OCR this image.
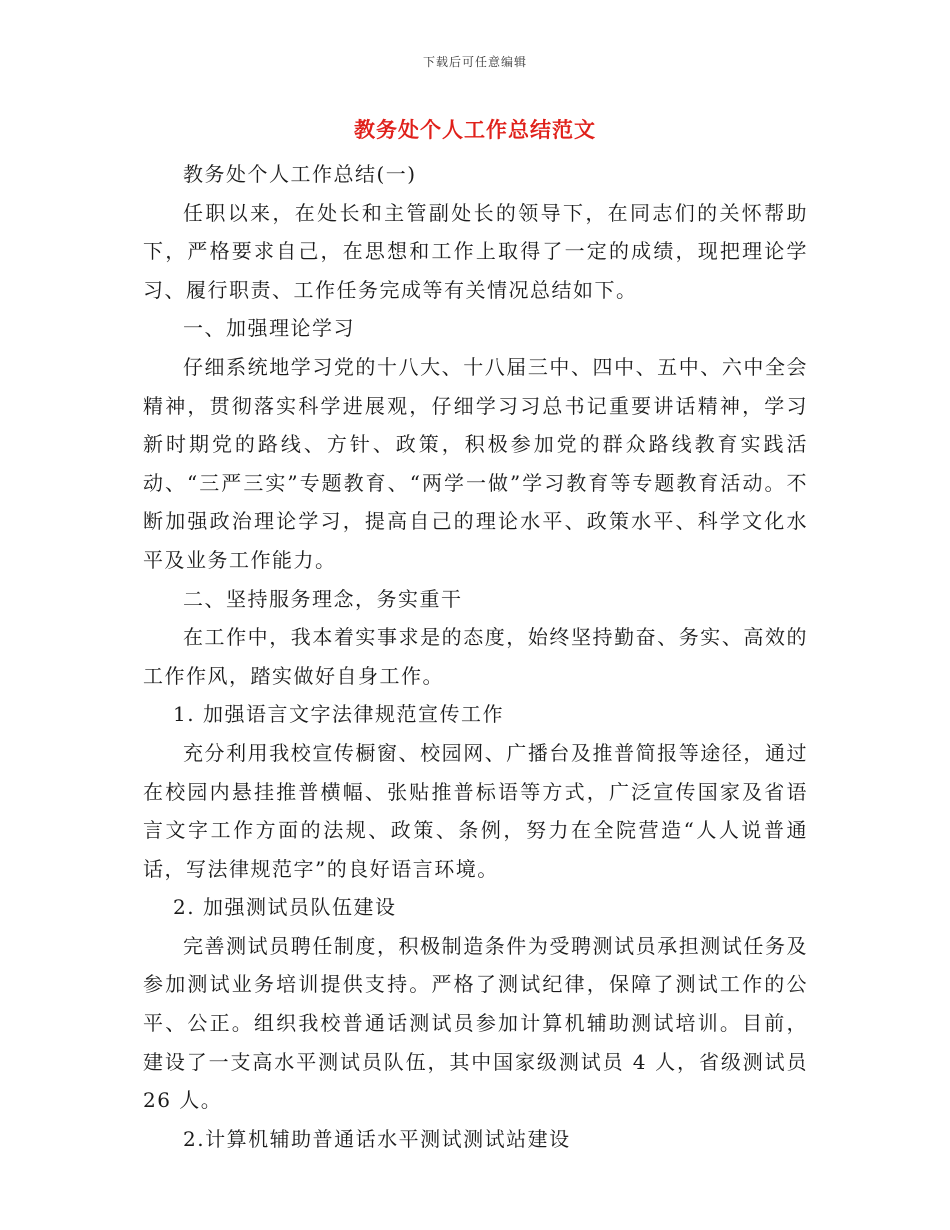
下载后可任意编辑
教务处个人工作总结范文

教务处个人工作总结(一)

任职以来，在处长和主管副处长的领导下，在同志们的关怀帮助下，严格要求自己，在思想和工作上取得了一定的成绩，现把理论学习、履行职责、工作任务完成等有关情况总结如下。

一、加强理论学习

仔细系统地学习党的十八大、十八届三中、四中、五中、六中全会精神，贯彻落实科学进展观，仔细学习习总书记重要讲话精神，学习新时期党的路线、方针、政策，积极参加党的群众路线教育实践活动、“三严三实”专题教育、“两学一做”学习教育等专题教育活动。不断加强政治理论学习，提高自己的理论水平、政策水平、科学文化水平及业务工作能力。

二、坚持服务理念，务实重干

在工作中，我本着实事求是的态度，始终坚持勤奋、务实、高效的工作作风，踏实做好自身工作。

1. 加强语言文字法律规范宣传工作

充分利用我校宣传橱窗、校园网、广播台及推普简报等途径，通过在校园内悬挂推普横幅、张贴推普标语等方式，广泛宣传国家及省语言文字工作方面的法规、政策、条例，努力在全院营造“人人说普通话，写法律规范字”的良好语言环境。

2. 加强测试员队伍建设

完善测试员聘任制度，积极制造条件为受聘测试员承担测试任务及参加测试业务培训提供支持。严格了测试纪律，保障了测试工作的公平、公正。组织我校普通话测试员参加计算机辅助测试培训。目前，建设了一支高水平测试员队伍，其中国家级测试员 4 人，省级测试员 26 人。

2.计算机辅助普通话水平测试测试站建设
